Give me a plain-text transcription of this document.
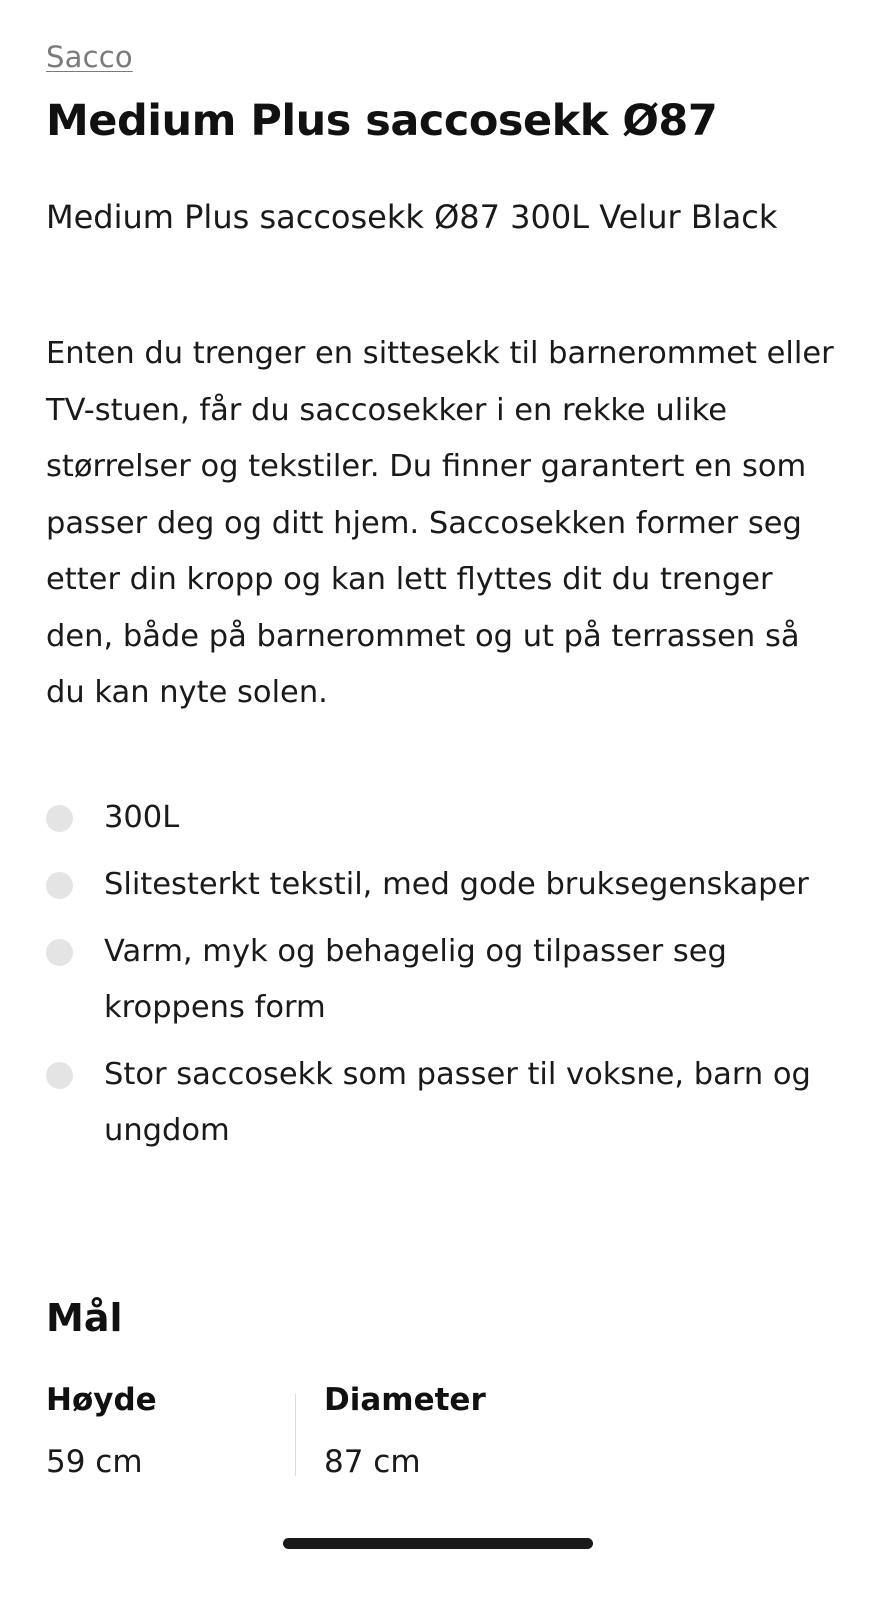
Sacco
Medium Plus saccosekk Ø87
Medium Plus saccosekk Ø87 300L Velur Black

Enten du trenger en sittesekk til barnerommet eller TV-stuen, får du saccosekker i en rekke ulike størrelser og tekstiler. Du finner garantert en som passer deg og ditt hjem. Saccosekken former seg etter din kropp og kan lett flyttes dit du trenger den, både på barnerommet og ut på terrassen så du kan nyte solen.

300L
Slitesterkt tekstil, med gode bruksegenskaper
Varm, myk og behagelig og tilpasser seg kroppens form
Stor saccosekk som passer til voksne, barn og ungdom
Mål
Høyde
59 cm
Diameter
87 cm
